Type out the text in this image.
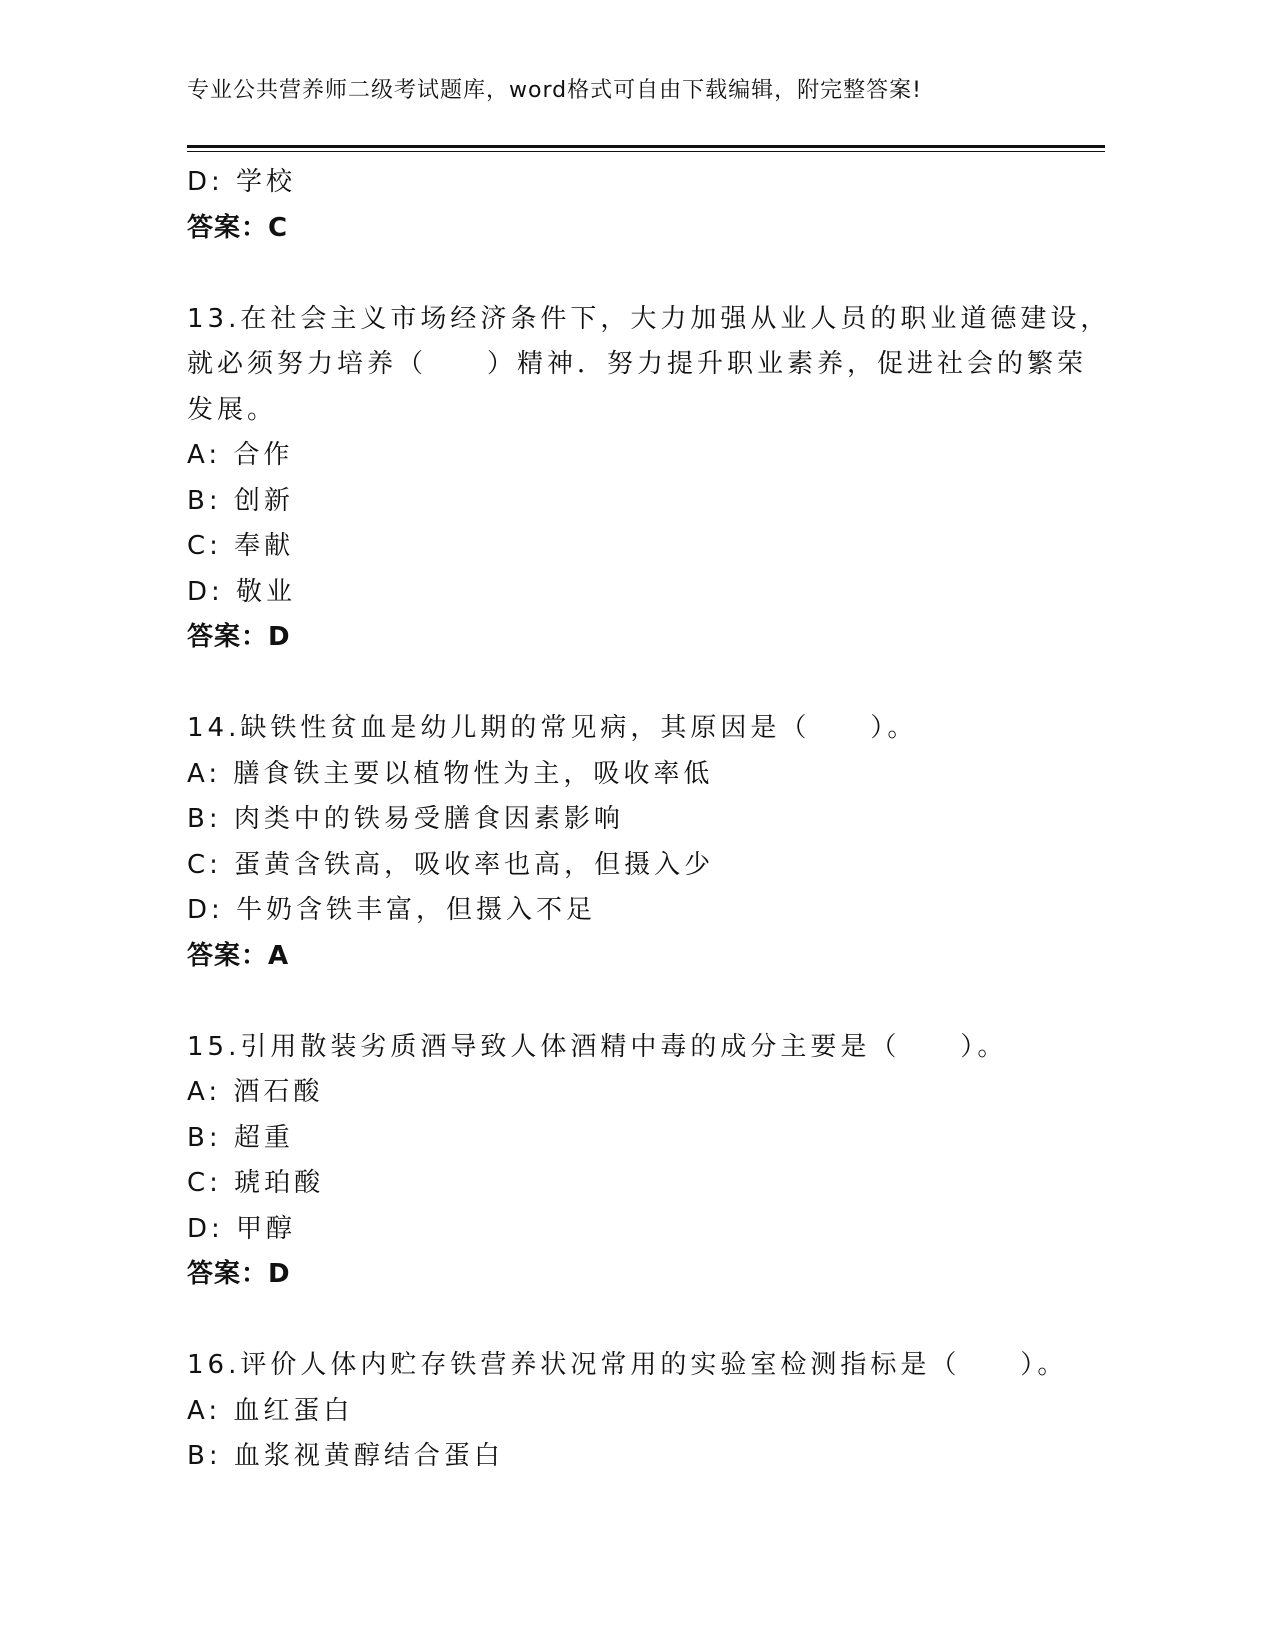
专业公共营养师二级考试题库，word格式可自由下载编辑，附完整答案!
D: 学校
答案：C
13.在社会主义市场经济条件下，大力加强从业人员的职业道德建设，
就必须努力培养（　　）精神．努力提升职业素养，促进社会的繁荣
发展。
A: 合作
B: 创新
C: 奉献
D: 敬业
答案：D
14.缺铁性贫血是幼儿期的常见病，其原因是（　　）。
A: 膳食铁主要以植物性为主，吸收率低
B: 肉类中的铁易受膳食因素影响
C: 蛋黄含铁高，吸收率也高，但摄入少
D: 牛奶含铁丰富，但摄入不足
答案：A
15.引用散装劣质酒导致人体酒精中毒的成分主要是（　　）。
A: 酒石酸
B: 超重
C: 琥珀酸
D: 甲醇
答案：D
16.评价人体内贮存铁营养状况常用的实验室检测指标是（　　）。
A: 血红蛋白
B: 血浆视黄醇结合蛋白
